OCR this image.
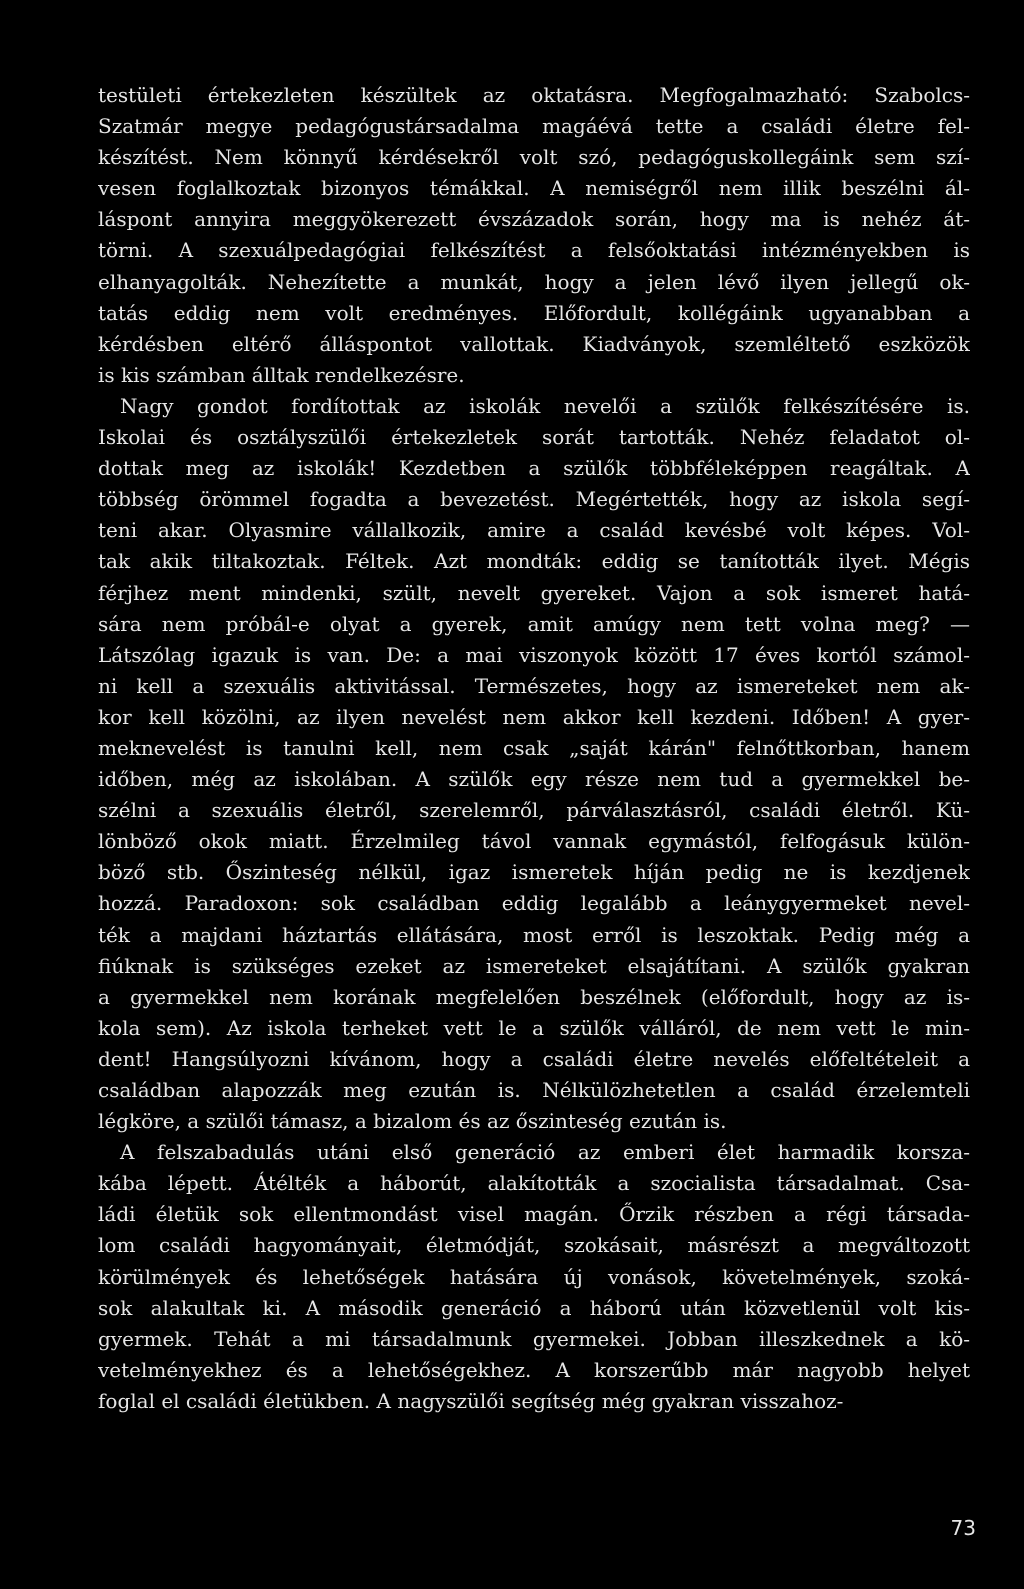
testületi értekezleten készültek az oktatásra. Megfogalmazható: Szabolcs-
Szatmár megye pedagógustársadalma magáévá tette a családi életre fel-
készítést. Nem könnyű kérdésekről volt szó, pedagóguskollegáink sem szí-
vesen foglalkoztak bizonyos témákkal. A nemiségről nem illik beszélni ál-
láspont annyira meggyökerezett évszázadok során, hogy ma is nehéz át-
törni. A szexuálpedagógiai felkészítést a felsőoktatási intézményekben is
elhanyagolták. Nehezítette a munkát, hogy a jelen lévő ilyen jellegű ok-
tatás eddig nem volt eredményes. Előfordult, kollégáink ugyanabban a
kérdésben eltérő álláspontot vallottak. Kiadványok, szemléltető eszközök
is kis számban álltak rendelkezésre.
Nagy gondot fordítottak az iskolák nevelői a szülők felkészítésére is.
Iskolai és osztályszülői értekezletek sorát tartották. Nehéz feladatot ol-
dottak meg az iskolák! Kezdetben a szülők többféleképpen reagáltak. A
többség örömmel fogadta a bevezetést. Megértették, hogy az iskola segí-
teni akar. Olyasmire vállalkozik, amire a család kevésbé volt képes. Vol-
tak akik tiltakoztak. Féltek. Azt mondták: eddig se tanították ilyet. Mégis
férjhez ment mindenki, szült, nevelt gyereket. Vajon a sok ismeret hatá-
sára nem próbál-e olyat a gyerek, amit amúgy nem tett volna meg? —
Látszólag igazuk is van. De: a mai viszonyok között 17 éves kortól számol-
ni kell a szexuális aktivitással. Természetes, hogy az ismereteket nem ak-
kor kell közölni, az ilyen nevelést nem akkor kell kezdeni. Időben! A gyer-
meknevelést is tanulni kell, nem csak „saját kárán" felnőttkorban, hanem
időben, még az iskolában. A szülők egy része nem tud a gyermekkel be-
szélni a szexuális életről, szerelemről, párválasztásról, családi életről. Kü-
lönböző okok miatt. Érzelmileg távol vannak egymástól, felfogásuk külön-
böző stb. Őszinteség nélkül, igaz ismeretek híján pedig ne is kezdjenek
hozzá. Paradoxon: sok családban eddig legalább a leánygyermeket nevel-
ték a majdani háztartás ellátására, most erről is leszoktak. Pedig még a
fiúknak is szükséges ezeket az ismereteket elsajátítani. A szülők gyakran
a gyermekkel nem korának megfelelően beszélnek (előfordult, hogy az is-
kola sem). Az iskola terheket vett le a szülők válláról, de nem vett le min-
dent! Hangsúlyozni kívánom, hogy a családi életre nevelés előfeltételeit a
családban alapozzák meg ezután is. Nélkülözhetetlen a család érzelemteli
légköre, a szülői támasz, a bizalom és az őszinteség ezután is.
A felszabadulás utáni első generáció az emberi élet harmadik korsza-
kába lépett. Átélték a háborút, alakították a szocialista társadalmat. Csa-
ládi életük sok ellentmondást visel magán. Őrzik részben a régi társada-
lom családi hagyományait, életmódját, szokásait, másrészt a megváltozott
körülmények és lehetőségek hatására új vonások, követelmények, szoká-
sok alakultak ki. A második generáció a háború után közvetlenül volt kis-
gyermek. Tehát a mi társadalmunk gyermekei. Jobban illeszkednek a kö-
vetelményekhez és a lehetőségekhez. A korszerűbb már nagyobb helyet
foglal el családi életükben. A nagyszülői segítség még gyakran visszahoz-
73
